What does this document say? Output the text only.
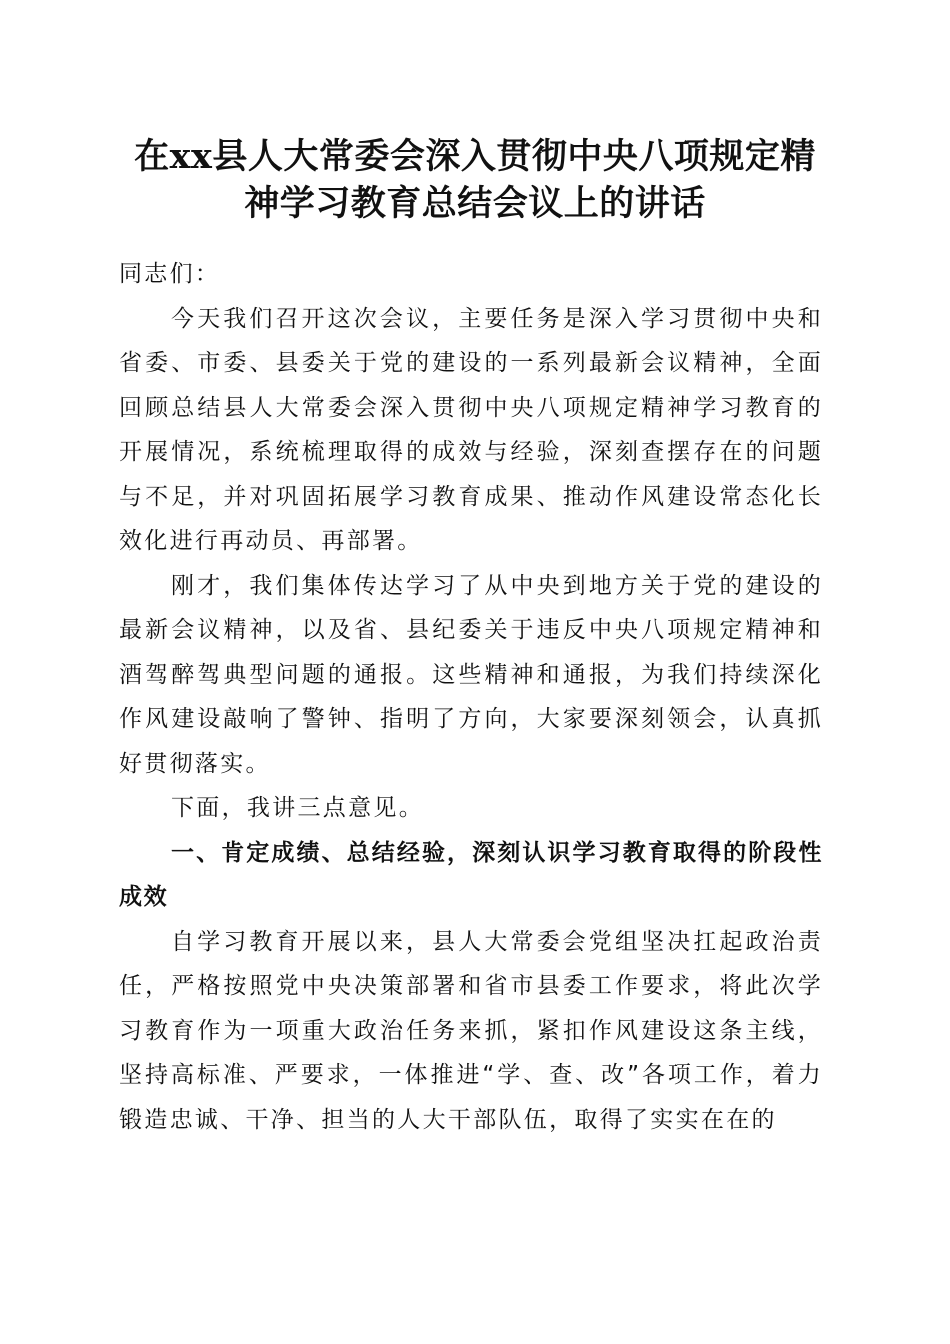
在xx县人大常委会深入贯彻中央八项规定精
神学习教育总结会议上的讲话

同志们：

今天我们召开这次会议，主要任务是深入学习贯彻中央和省委、市委、县委关于党的建设的一系列最新会议精神，全面回顾总结县人大常委会深入贯彻中央八项规定精神学习教育的开展情况，系统梳理取得的成效与经验，深刻查摆存在的问题与不足，并对巩固拓展学习教育成果、推动作风建设常态化长效化进行再动员、再部署。

刚才，我们集体传达学习了从中央到地方关于党的建设的最新会议精神，以及省、县纪委关于违反中央八项规定精神和酒驾醉驾典型问题的通报。这些精神和通报，为我们持续深化作风建设敲响了警钟、指明了方向，大家要深刻领会，认真抓好贯彻落实。

下面，我讲三点意见。

一、肯定成绩、总结经验，深刻认识学习教育取得的阶段性成效

自学习教育开展以来，县人大常委会党组坚决扛起政治责任，严格按照党中央决策部署和省市县委工作要求，将此次学习教育作为一项重大政治任务来抓，紧扣作风建设这条主线，坚持高标准、严要求，一体推进“学、查、改”各项工作，着力锻造忠诚、干净、担当的人大干部队伍，取得了实实在在的
